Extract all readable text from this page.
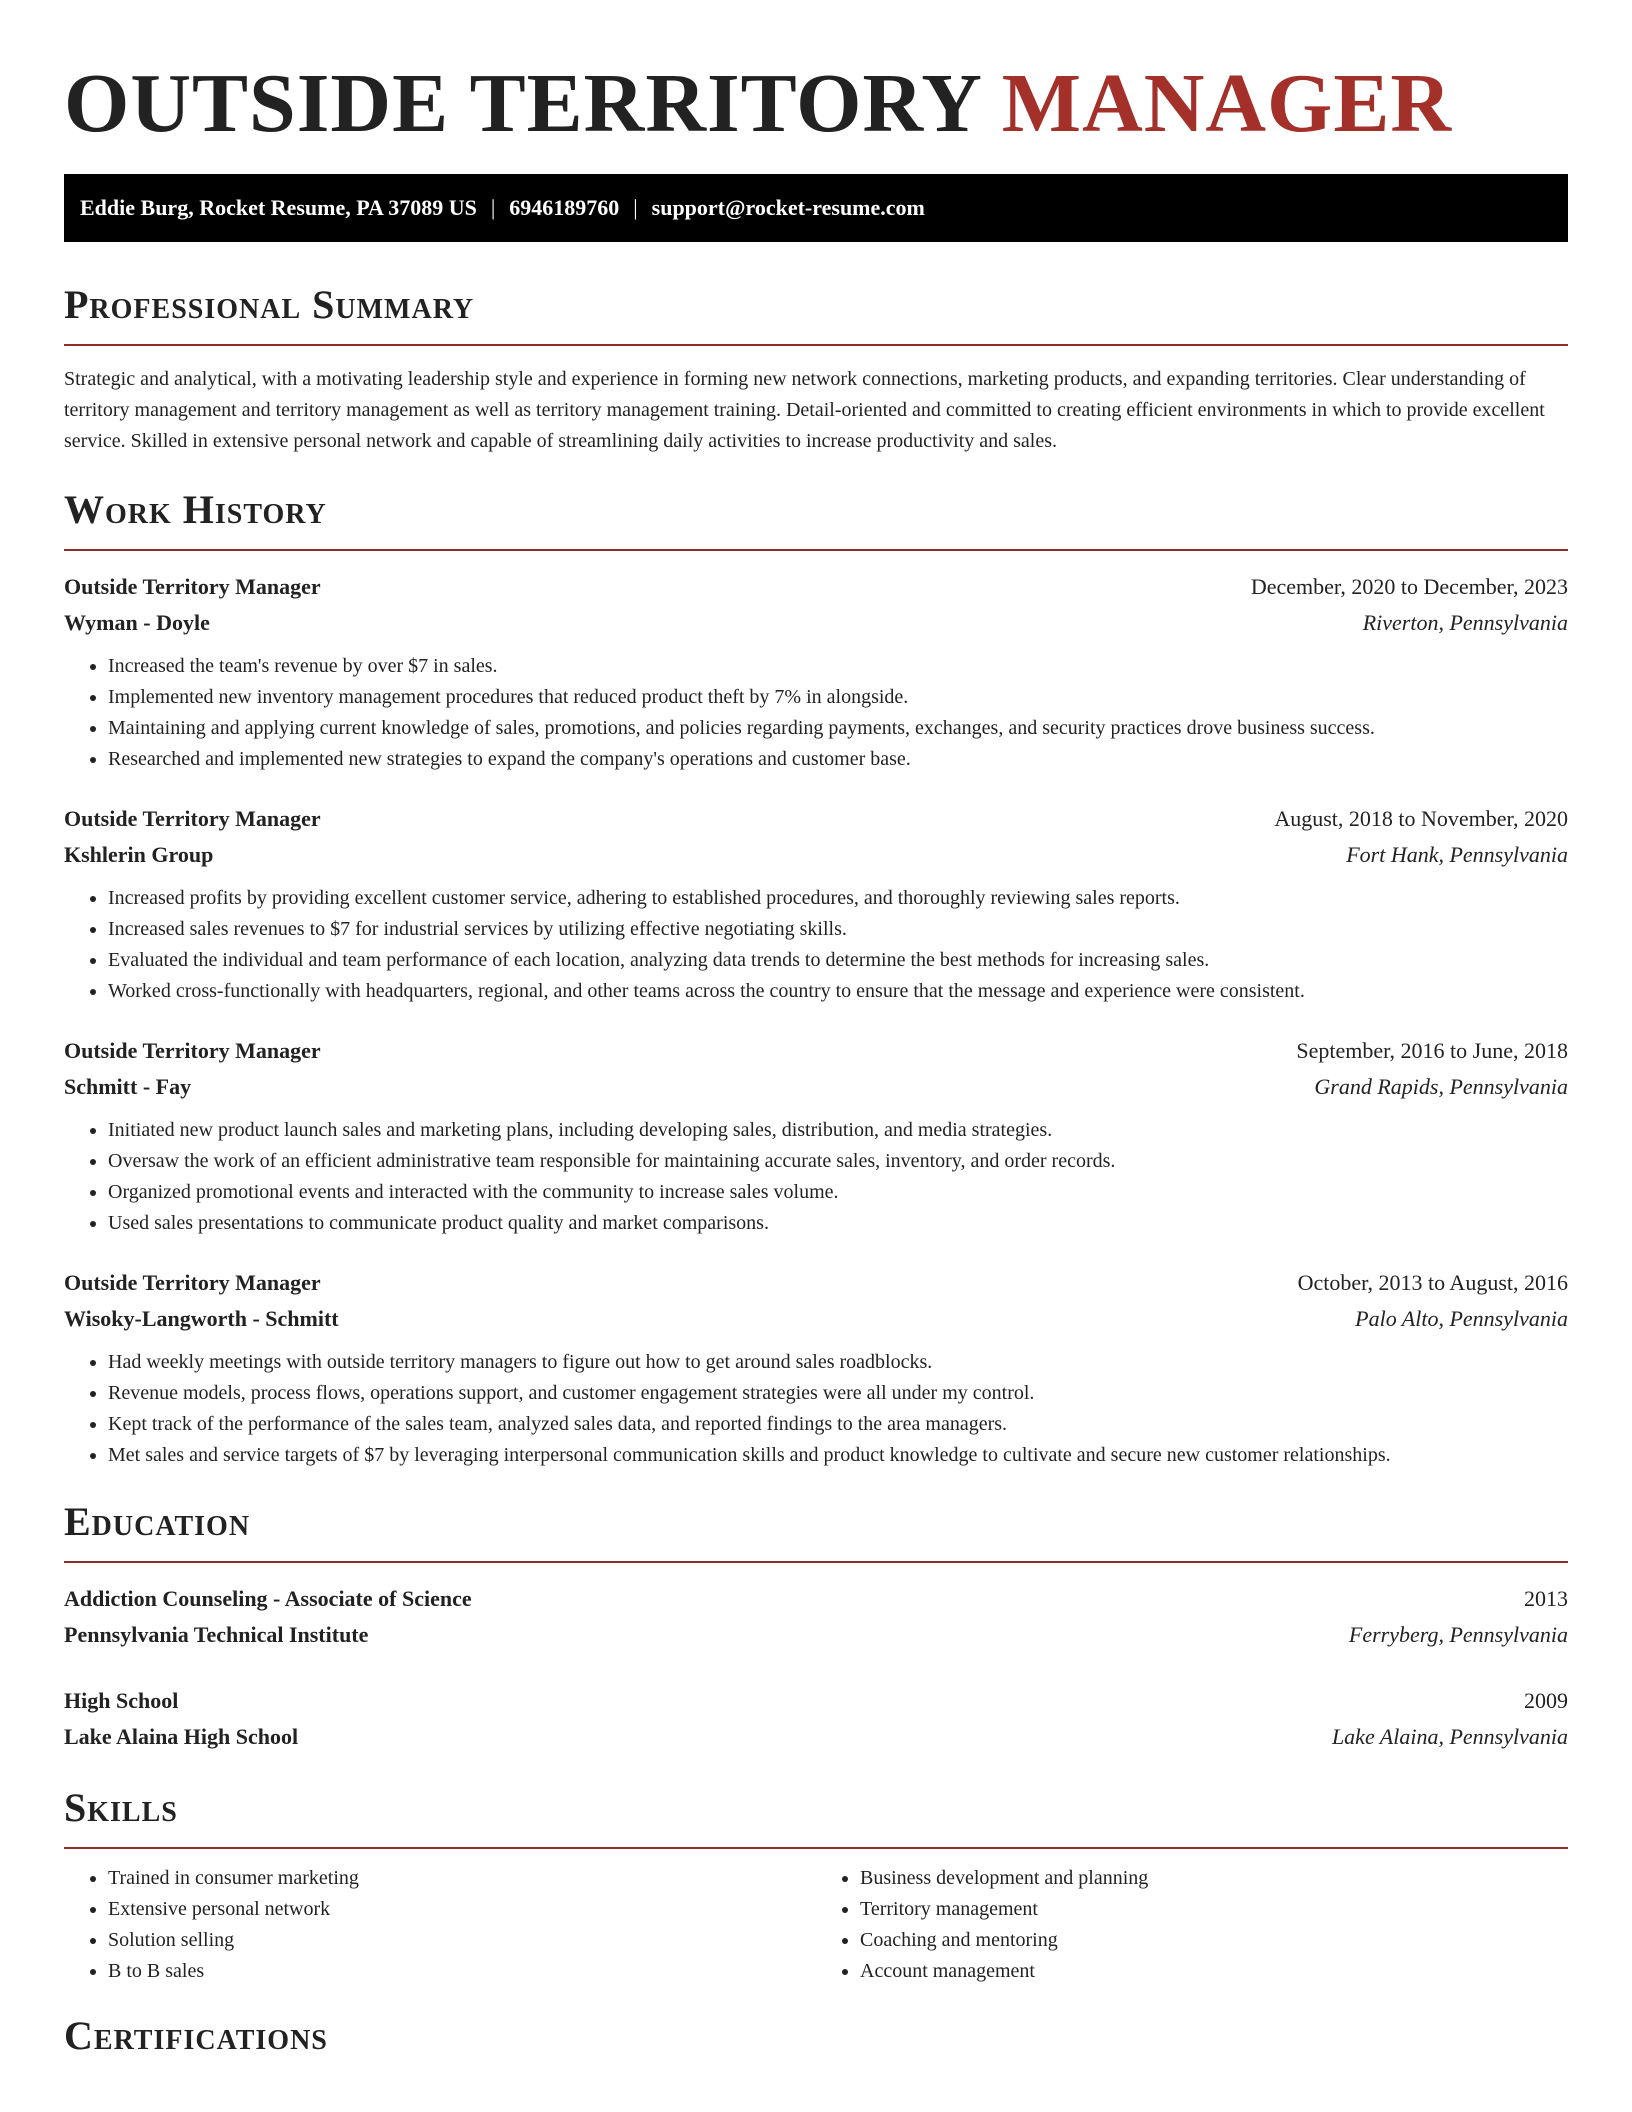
OUTSIDE TERRITORY MANAGER
Eddie Burg, Rocket Resume, PA 37089 US | 6946189760 | support@rocket-resume.com
Professional Summary

Strategic and analytical, with a motivating leadership style and experience in forming new network connections, marketing products, and expanding territories. Clear understanding of territory management and territory management as well as territory management training. Detail-oriented and committed to creating efficient environments in which to provide excellent service. Skilled in extensive personal network and capable of streamlining daily activities to increase productivity and sales.

Work History
Outside Territory Manager	December, 2020 to December, 2023
Wyman - Doyle	Riverton, Pennsylvania
• Increased the team's revenue by over $7 in sales.
• Implemented new inventory management procedures that reduced product theft by 7% in alongside.
• Maintaining and applying current knowledge of sales, promotions, and policies regarding payments, exchanges, and security practices drove business success.
• Researched and implemented new strategies to expand the company's operations and customer base.
Outside Territory Manager	August, 2018 to November, 2020
Kshlerin Group	Fort Hank, Pennsylvania
• Increased profits by providing excellent customer service, adhering to established procedures, and thoroughly reviewing sales reports.
• Increased sales revenues to $7 for industrial services by utilizing effective negotiating skills.
• Evaluated the individual and team performance of each location, analyzing data trends to determine the best methods for increasing sales.
• Worked cross-functionally with headquarters, regional, and other teams across the country to ensure that the message and experience were consistent.
Outside Territory Manager	September, 2016 to June, 2018
Schmitt - Fay	Grand Rapids, Pennsylvania
• Initiated new product launch sales and marketing plans, including developing sales, distribution, and media strategies.
• Oversaw the work of an efficient administrative team responsible for maintaining accurate sales, inventory, and order records.
• Organized promotional events and interacted with the community to increase sales volume.
• Used sales presentations to communicate product quality and market comparisons.
Outside Territory Manager	October, 2013 to August, 2016
Wisoky-Langworth - Schmitt	Palo Alto, Pennsylvania
• Had weekly meetings with outside territory managers to figure out how to get around sales roadblocks.
• Revenue models, process flows, operations support, and customer engagement strategies were all under my control.
• Kept track of the performance of the sales team, analyzed sales data, and reported findings to the area managers.
• Met sales and service targets of $7 by leveraging interpersonal communication skills and product knowledge to cultivate and secure new customer relationships.
Education
Addiction Counseling - Associate of Science	2013
Pennsylvania Technical Institute	Ferryberg, Pennsylvania
High School	2009
Lake Alaina High School	Lake Alaina, Pennsylvania
Skills
• Trained in consumer marketing
• Extensive personal network
• Solution selling
• B to B sales
• Business development and planning
• Territory management
• Coaching and mentoring
• Account management
Certifications
